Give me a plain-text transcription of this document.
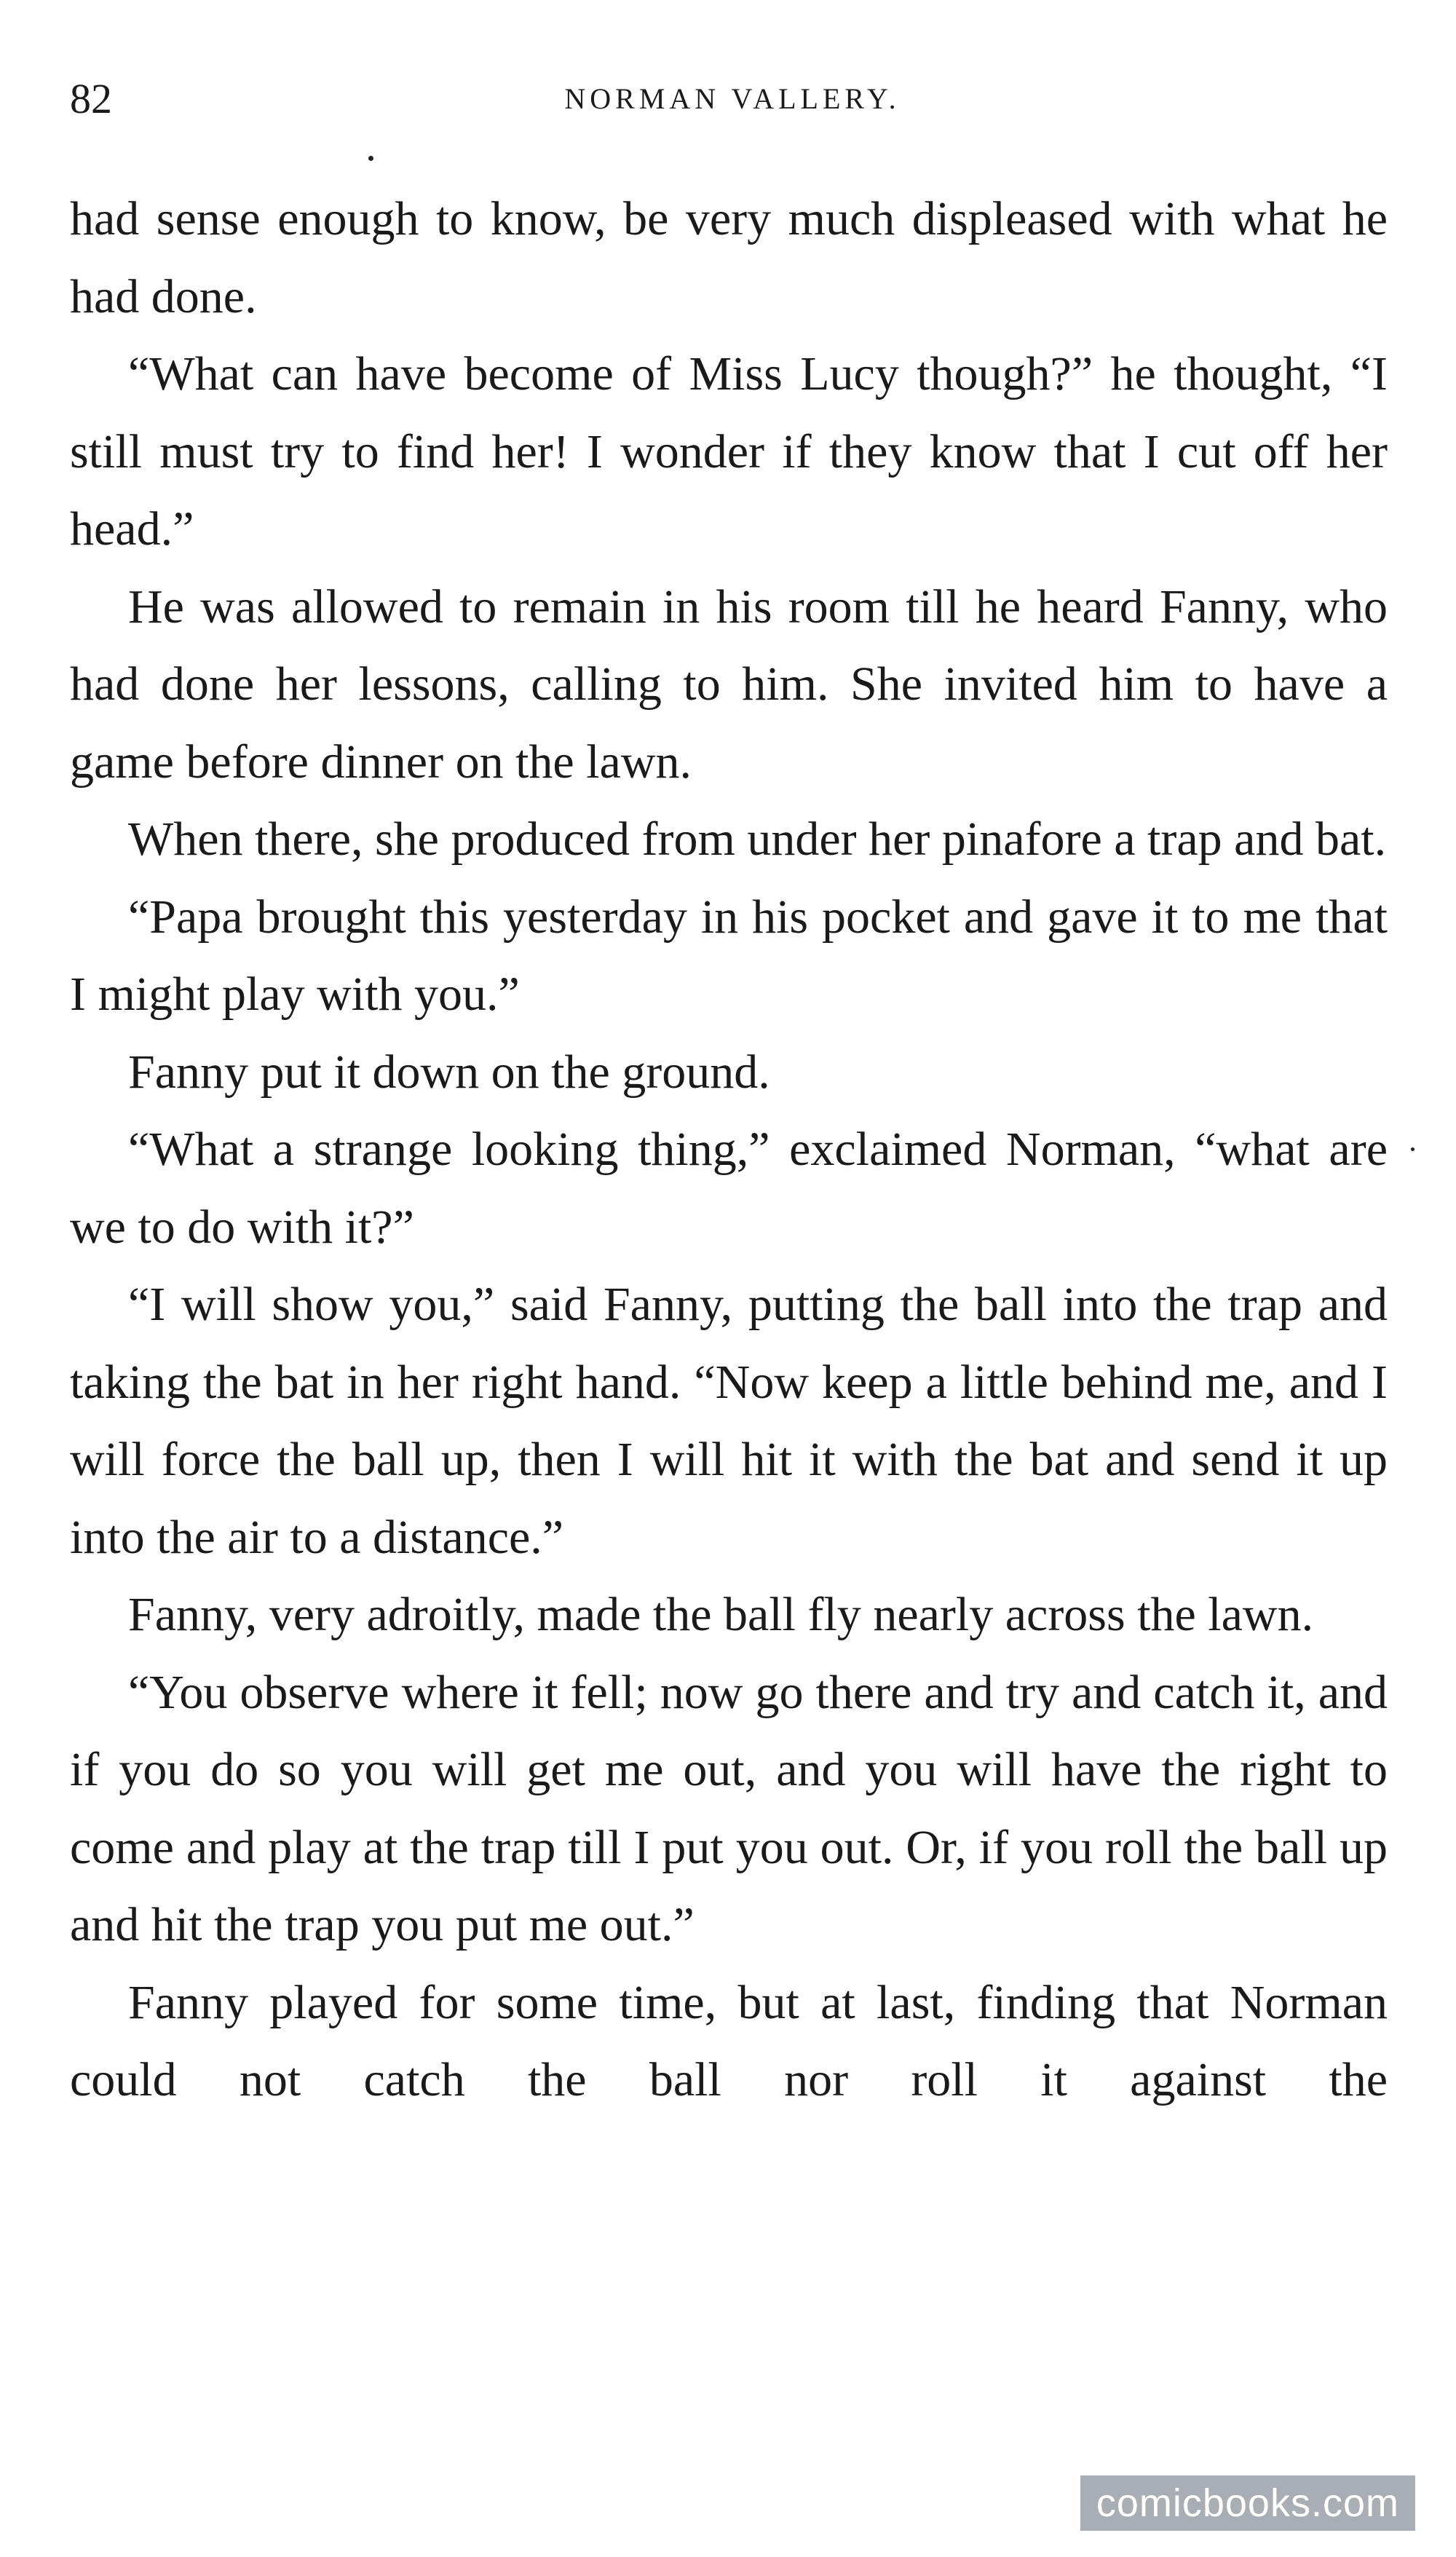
82	NORMAN VALLERY.

had sense enough to know, be very much displeased with what he had done.

“What can have become of Miss Lucy though?” he thought, “I still must try to find her! I wonder if they know that I cut off her head.”

He was allowed to remain in his room till he heard Fanny, who had done her lessons, calling to him. She invited him to have a game before dinner on the lawn.

When there, she produced from under her pinafore a trap and bat.

“Papa brought this yesterday in his pocket and gave it to me that I might play with you.”

Fanny put it down on the ground.

“What a strange looking thing,” exclaimed Norman, “what are we to do with it?”

“I will show you,” said Fanny, putting the ball into the trap and taking the bat in her right hand. “Now keep a little behind me, and I will force the ball up, then I will hit it with the bat and send it up into the air to a distance.”

Fanny, very adroitly, made the ball fly nearly across the lawn.

“You observe where it fell; now go there and try and catch it, and if you do so you will get me out, and you will have the right to come and play at the trap till I put you out. Or, if you roll the ball up and hit the trap you put me out.”

Fanny played for some time, but at last, finding that Norman could not catch the ball nor roll it against the

comicbooks.com
